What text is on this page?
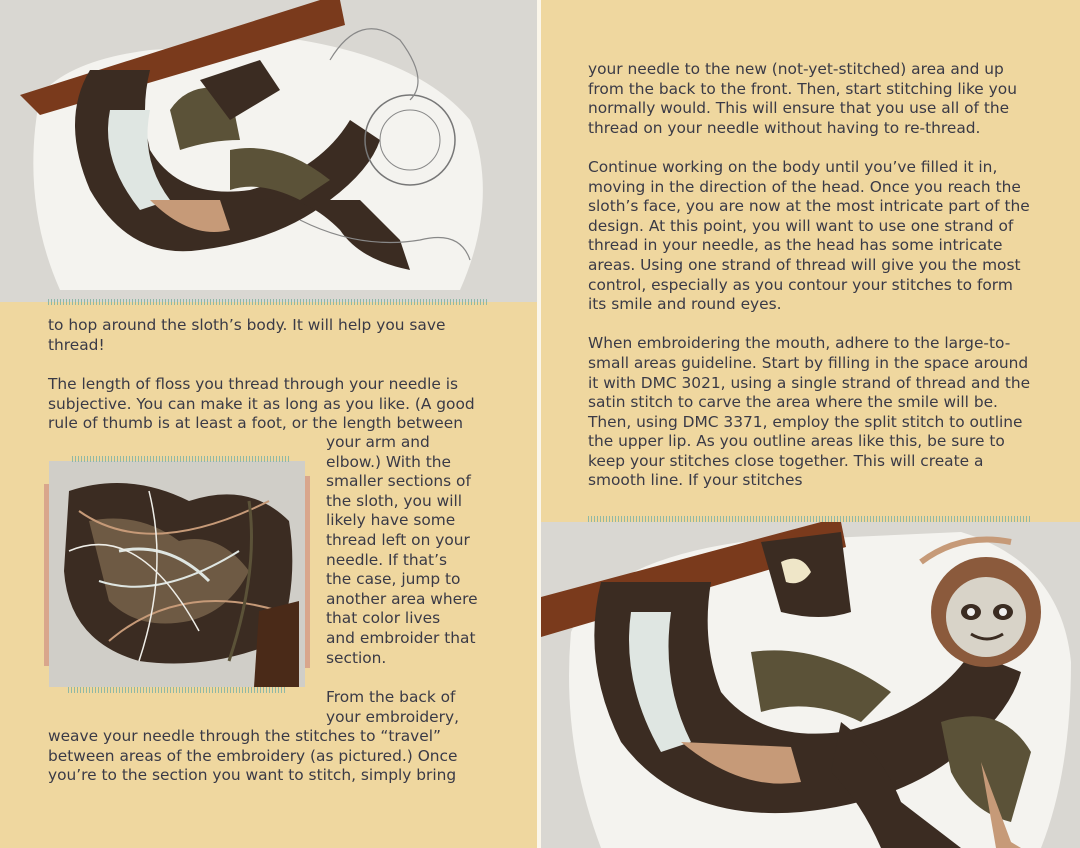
to hop around the sloth’s body. It will help you save thread!

The length of floss you thread through your needle is
subjective. You can make it as long as you like. (A good
rule of thumb is at least a foot, or the length between
your arm and
elbow.) With the
smaller sections of
the sloth, you will
likely have some
thread left on your
needle. If that’s
the case, jump to
another area where
that color lives
and embroider that
section.
From the back of
your embroidery,
weave your needle through the stitches to “travel”
between areas of the embroidery (as pictured.) Once
you’re to the section you want to stitch, simply bring

your needle to the new (not-yet-stitched) area and up from the back to the front. Then, start stitching like you normally would. This will ensure that you use all of the thread on your needle without having to re-thread.

Continue working on the body until you’ve filled it in, moving in the direction of the head. Once you reach the sloth’s face, you are now at the most intricate part of the design. At this point, you will want to use one strand of thread in your needle, as the head has some intricate areas. Using one strand of thread will give you the most control, especially as you contour your stitches to form its smile and round eyes.

When embroidering the mouth, adhere to the large-to-small areas guideline. Start by filling in the space around it with DMC 3021, using a single strand of thread and the satin stitch to carve the area where the smile will be. Then, using DMC 3371, employ the split stitch to outline the upper lip. As you outline areas like this, be sure to keep your stitches close together. This will create a smooth line. If your stitches
